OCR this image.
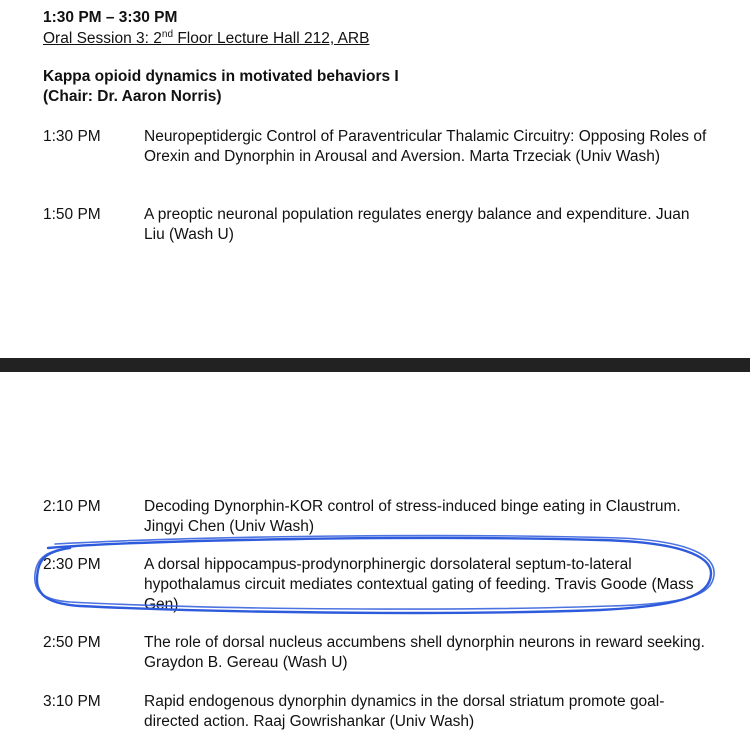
1:30 PM – 3:30 PM
Oral Session 3: 2nd Floor Lecture Hall 212, ARB
Kappa opioid dynamics in motivated behaviors I
(Chair: Dr. Aaron Norris)
1:30 PM	Neuropeptidergic Control of Paraventricular Thalamic Circuitry: Opposing Roles of Orexin and Dynorphin in Arousal and Aversion. Marta Trzeciak (Univ Wash)
1:50 PM	A preoptic neuronal population regulates energy balance and expenditure. Juan Liu (Wash U)
2:10 PM	Decoding Dynorphin-KOR control of stress-induced binge eating in Claustrum. Jingyi Chen (Univ Wash)
2:30 PM	A dorsal hippocampus-prodynorphinergic dorsolateral septum-to-lateral hypothalamus circuit mediates contextual gating of feeding. Travis Goode (Mass Gen)
2:50 PM	The role of dorsal nucleus accumbens shell dynorphin neurons in reward seeking. Graydon B. Gereau (Wash U)
3:10 PM	Rapid endogenous dynorphin dynamics in the dorsal striatum promote goal-directed action. Raaj Gowrishankar (Univ Wash)
